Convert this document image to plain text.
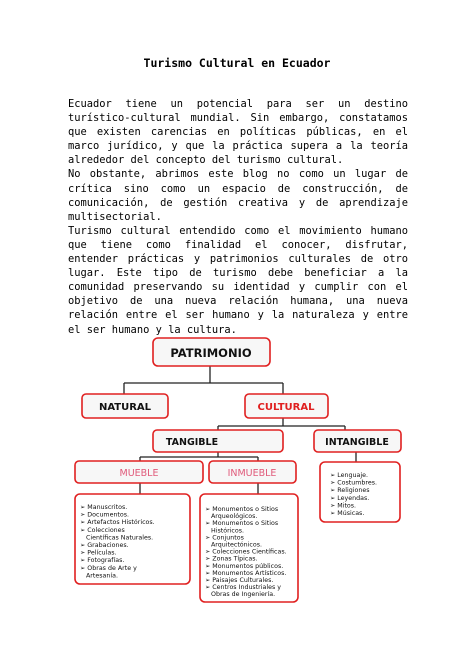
Turismo Cultural en Ecuador

Ecuador tiene un potencial para ser un destino turístico-cultural mundial. Sin embargo, constatamos que existen carencias en políticas públicas, en el marco jurídico, y que la práctica supera a la teoría alrededor del concepto del turismo cultural.

No obstante, abrimos este blog no como un lugar de crítica sino como un espacio de construcción, de comunicación, de gestión creativa y de aprendizaje multisectorial.

Turismo cultural entendido como el movimiento humano que tiene como finalidad el conocer, disfrutar, entender prácticas y patrimonios culturales de otro lugar. Este tipo de turismo debe beneficiar a la comunidad preservando su identidad y cumplir con el objetivo de una nueva relación humana, una nueva relación entre el ser humano y la naturaleza y entre el ser humano y la cultura.

PATRIMONIO
NATURAL	CULTURAL
TANGIBLE	INTANGIBLE
MUEBLE	INMUEBLE
➢ Manuscritos.
➢ Documentos.
➢ Artefactos Históricos.
➢ Colecciones
Científicas Naturales.
➢ Grabaciones.
➢ Películas.
➢ Fotografías.
➢ Obras de Arte y
Artesanía.
➢ Monumentos o Sitios
Arqueológicos.
➢ Monumentos o Sitios
Históricos.
➢ Conjuntos
Arquitectónicos.
➢ Colecciones Científicas.
➢ Zonas Típicas.
➢ Monumentos públicos.
➢ Monumentos Artísticos.
➢ Paisajes Culturales.
➢ Centros Industriales y
Obras de Ingeniería.
➢ Lenguaje.
➢ Costumbres.
➢ Religiones
➢ Leyendas.
➢ Mitos.
➢ Músicas.
